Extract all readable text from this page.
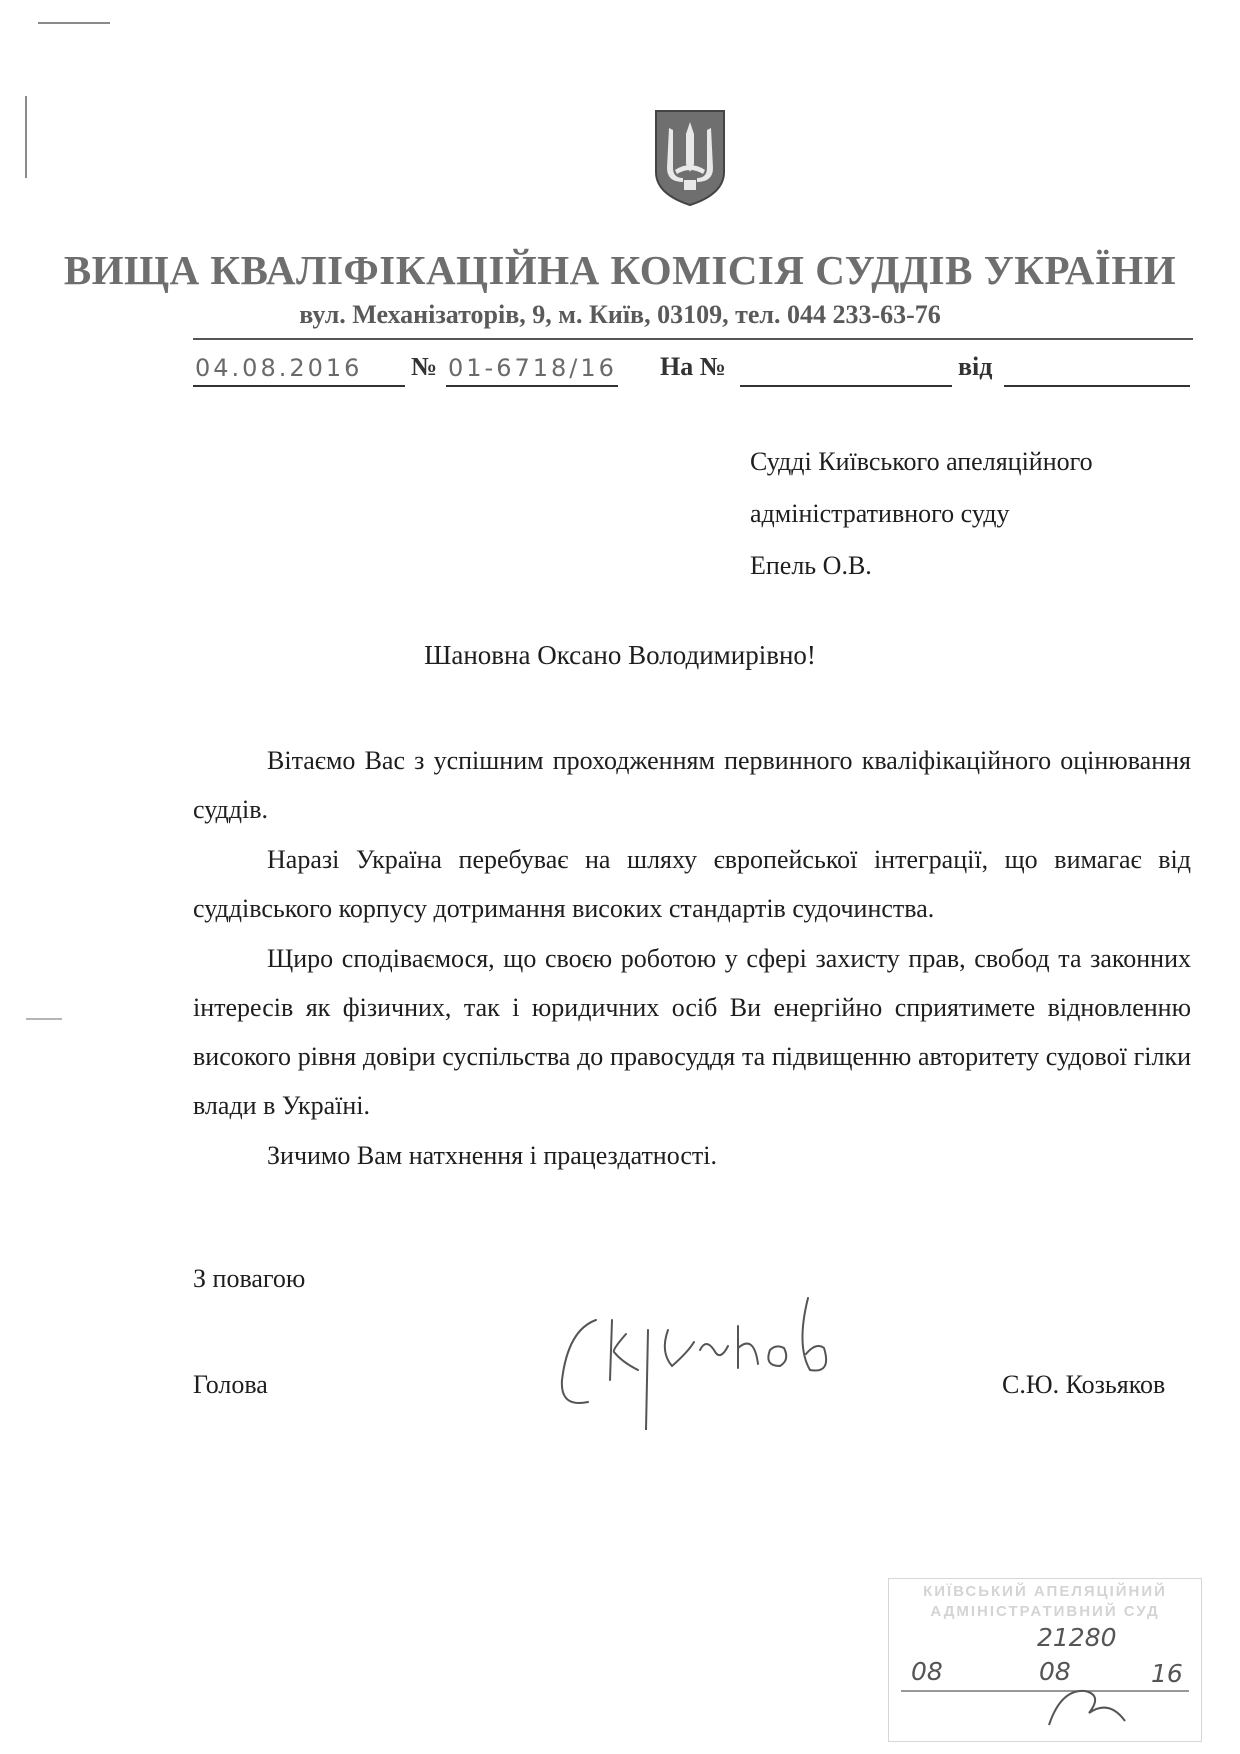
ВИЩА КВАЛІФІКАЦІЙНА КОМІСІЯ СУДДІВ УКРАЇНИ
вул. Механізаторів, 9, м. Київ, 03109, тел. 044 233-63-76
04.08.2016 № 01-6718/16 На №	від
Судді Київського апеляційного
адміністративного суду
Епель О.В.
Шановна Оксано Володимирівно!

Вітаємо Вас з успішним проходженням первинного кваліфікаційного оцінювання суддів.

Наразі Україна перебуває на шляху європейської інтеграції, що вимагає від суддівського корпусу дотримання високих стандартів судочинства.

Щиро сподіваємося, що своєю роботою у сфері захисту прав, свобод та законних інтересів як фізичних, так і юридичних осіб Ви енергійно сприятимете відновленню високого рівня довіри суспільства до правосуддя та підвищенню авторитету судової гілки влади в Україні.

Зичимо Вам натхнення і працездатності.

З повагою
Голова	С.Ю. Козьяков
КИЇВСЬКИЙ АПЕЛЯЦІЙНИЙ
АДМІНІСТРАТИВНИЙ СУД
21280
08	08	16
